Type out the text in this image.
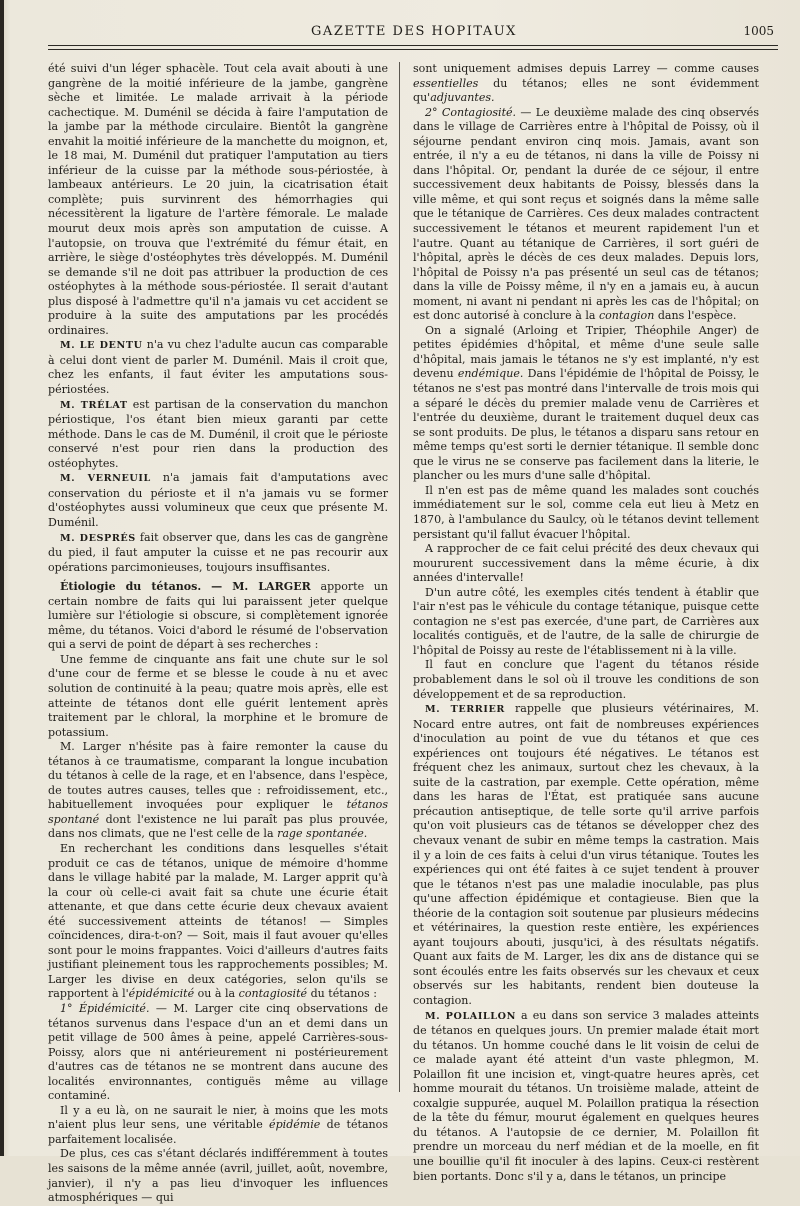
GAZETTE DES HOPITAUX	1005

été suivi d'un léger sphacèle. Tout cela avait abouti à une gangrène de la moitié inférieure de la jambe, gangrène sèche et limitée. Le malade arrivait à la période cachectique. M. Duménil se décida à faire l'amputation de la jambe par la méthode circulaire. Bientôt la gangrène envahit la moitié inférieure de la manchette du moignon, et, le 18 mai, M. Duménil dut pratiquer l'amputation au tiers inférieur de la cuisse par la méthode sous-périostée, à lambeaux antérieurs. Le 20 juin, la cicatrisation était complète; puis survinrent des hémorrhagies qui nécessitèrent la ligature de l'artère fémorale. Le malade mourut deux mois après son amputation de cuisse. A l'autopsie, on trouva que l'extrémité du fémur était, en arrière, le siège d'ostéophytes très développés. M. Duménil se demande s'il ne doit pas attribuer la production de ces ostéophytes à la méthode sous-périostée. Il serait d'autant plus disposé à l'admettre qu'il n'a jamais vu cet accident se produire à la suite des amputations par les procédés ordinaires.

M. LE DENTU n'a vu chez l'adulte aucun cas comparable à celui dont vient de parler M. Duménil. Mais il croit que, chez les enfants, il faut éviter les amputations sous-périostées.

M. TRÉLAT est partisan de la conservation du manchon périostique, l'os étant bien mieux garanti par cette méthode. Dans le cas de M. Duménil, il croit que le périoste conservé n'est pour rien dans la production des ostéophytes.

M. VERNEUIL n'a jamais fait d'amputations avec conservation du périoste et il n'a jamais vu se former d'ostéophytes aussi volumineux que ceux que présente M. Duménil.

M. DESPRÉS fait observer que, dans les cas de gangrène du pied, il faut amputer la cuisse et ne pas recourir aux opérations parcimonieuses, toujours insuffisantes.

Étiologie du tétanos. — M. LARGER apporte un certain nombre de faits qui lui paraissent jeter quelque lumière sur l'étiologie si obscure, si complètement ignorée même, du tétanos. Voici d'abord le résumé de l'observation qui a servi de point de départ à ses recherches :

Une femme de cinquante ans fait une chute sur le sol d'une cour de ferme et se blesse le coude à nu et avec solution de continuité à la peau; quatre mois après, elle est atteinte de tétanos dont elle guérit lentement après traitement par le chloral, la morphine et le bromure de potassium.

M. Larger n'hésite pas à faire remonter la cause du tétanos à ce traumatisme, comparant la longue incubation du tétanos à celle de la rage, et en l'absence, dans l'espèce, de toutes autres causes, telles que : refroidissement, etc., habituellement invoquées pour expliquer le tétanos spontané dont l'existence ne lui paraît pas plus prouvée, dans nos climats, que ne l'est celle de la rage spontanée.

En recherchant les conditions dans lesquelles s'était produit ce cas de tétanos, unique de mémoire d'homme dans le village habité par la malade, M. Larger apprit qu'à la cour où celle-ci avait fait sa chute une écurie était attenante, et que dans cette écurie deux chevaux avaient été successivement atteints de tétanos! — Simples coïncidences, dira-t-on? — Soit, mais il faut avouer qu'elles sont pour le moins frappantes. Voici d'ailleurs d'autres faits justifiant pleinement tous les rapprochements possibles; M. Larger les divise en deux catégories, selon qu'ils se rapportent à l'épidémicité ou à la contagiosité du tétanos :

1° Épidémicité. — M. Larger cite cinq observations de tétanos survenus dans l'espace d'un an et demi dans un petit village de 500 âmes à peine, appelé Carrières-sous-Poissy, alors que ni antérieurement ni postérieurement d'autres cas de tétanos ne se montrent dans aucune des localités environnantes, contiguës même au village contaminé.

Il y a eu là, on ne saurait le nier, à moins que les mots n'aient plus leur sens, une véritable épidémie de tétanos parfaitement localisée.

De plus, ces cas s'étant déclarés indifféremment à toutes les saisons de la même année (avril, juillet, août, novembre, janvier), il n'y a pas lieu d'invoquer les influences atmosphériques — qui

sont uniquement admises depuis Larrey — comme causes essentielles du tétanos; elles ne sont évidemment qu'adjuvantes.

2° Contagiosité. — Le deuxième malade des cinq observés dans le village de Carrières entre à l'hôpital de Poissy, où il séjourne pendant environ cinq mois. Jamais, avant son entrée, il n'y a eu de tétanos, ni dans la ville de Poissy ni dans l'hôpital. Or, pendant la durée de ce séjour, il entre successivement deux habitants de Poissy, blessés dans la ville même, et qui sont reçus et soignés dans la même salle que le tétanique de Carrières. Ces deux malades contractent successivement le tétanos et meurent rapidement l'un et l'autre. Quant au tétanique de Carrières, il sort guéri de l'hôpital, après le décès de ces deux malades. Depuis lors, l'hôpital de Poissy n'a pas présenté un seul cas de tétanos; dans la ville de Poissy même, il n'y en a jamais eu, à aucun moment, ni avant ni pendant ni après les cas de l'hôpital; on est donc autorisé à conclure à la contagion dans l'espèce.

On a signalé (Arloing et Tripier, Théophile Anger) de petites épidémies d'hôpital, et même d'une seule salle d'hôpital, mais jamais le tétanos ne s'y est implanté, n'y est devenu endémique. Dans l'épidémie de l'hôpital de Poissy, le tétanos ne s'est pas montré dans l'intervalle de trois mois qui a séparé le décès du premier malade venu de Carrières et l'entrée du deuxième, durant le traitement duquel deux cas se sont produits. De plus, le tétanos a disparu sans retour en même temps qu'est sorti le dernier tétanique. Il semble donc que le virus ne se conserve pas facilement dans la literie, le plancher ou les murs d'une salle d'hôpital.

Il n'en est pas de même quand les malades sont couchés immédiatement sur le sol, comme cela eut lieu à Metz en 1870, à l'ambulance du Saulcy, où le tétanos devint tellement persistant qu'il fallut évacuer l'hôpital.

A rapprocher de ce fait celui précité des deux chevaux qui moururent successivement dans la même écurie, à dix années d'intervalle!

D'un autre côté, les exemples cités tendent à établir que l'air n'est pas le véhicule du contage tétanique, puisque cette contagion ne s'est pas exercée, d'une part, de Carrières aux localités contiguës, et de l'autre, de la salle de chirurgie de l'hôpital de Poissy au reste de l'établissement ni à la ville.

Il faut en conclure que l'agent du tétanos réside probablement dans le sol où il trouve les conditions de son développement et de sa reproduction.

M. TERRIER rappelle que plusieurs vétérinaires, M. Nocard entre autres, ont fait de nombreuses expériences d'inoculation au point de vue du tétanos et que ces expériences ont toujours été négatives. Le tétanos est fréquent chez les animaux, surtout chez les chevaux, à la suite de la castration, par exemple. Cette opération, même dans les haras de l'État, est pratiquée sans aucune précaution antiseptique, de telle sorte qu'il arrive parfois qu'on voit plusieurs cas de tétanos se développer chez des chevaux venant de subir en même temps la castration. Mais il y a loin de ces faits à celui d'un virus tétanique. Toutes les expériences qui ont été faites à ce sujet tendent à prouver que le tétanos n'est pas une maladie inoculable, pas plus qu'une affection épidémique et contagieuse. Bien que la théorie de la contagion soit soutenue par plusieurs médecins et vétérinaires, la question reste entière, les expériences ayant toujours abouti, jusqu'ici, à des résultats négatifs. Quant aux faits de M. Larger, les dix ans de distance qui se sont écoulés entre les faits observés sur les chevaux et ceux observés sur les habitants, rendent bien douteuse la contagion.

M. POLAILLON a eu dans son service 3 malades atteints de tétanos en quelques jours. Un premier malade était mort du tétanos. Un homme couché dans le lit voisin de celui de ce malade ayant été atteint d'un vaste phlegmon, M. Polaillon fit une incision et, vingt-quatre heures après, cet homme mourait du tétanos. Un troisième malade, atteint de coxalgie suppurée, auquel M. Polaillon pratiqua la résection de la tête du fémur, mourut également en quelques heures du tétanos. A l'autopsie de ce dernier, M. Polaillon fit prendre un morceau du nerf médian et de la moelle, en fit une bouillie qu'il fit inoculer à des lapins. Ceux-ci restèrent bien portants. Donc s'il y a, dans le tétanos, un principe
